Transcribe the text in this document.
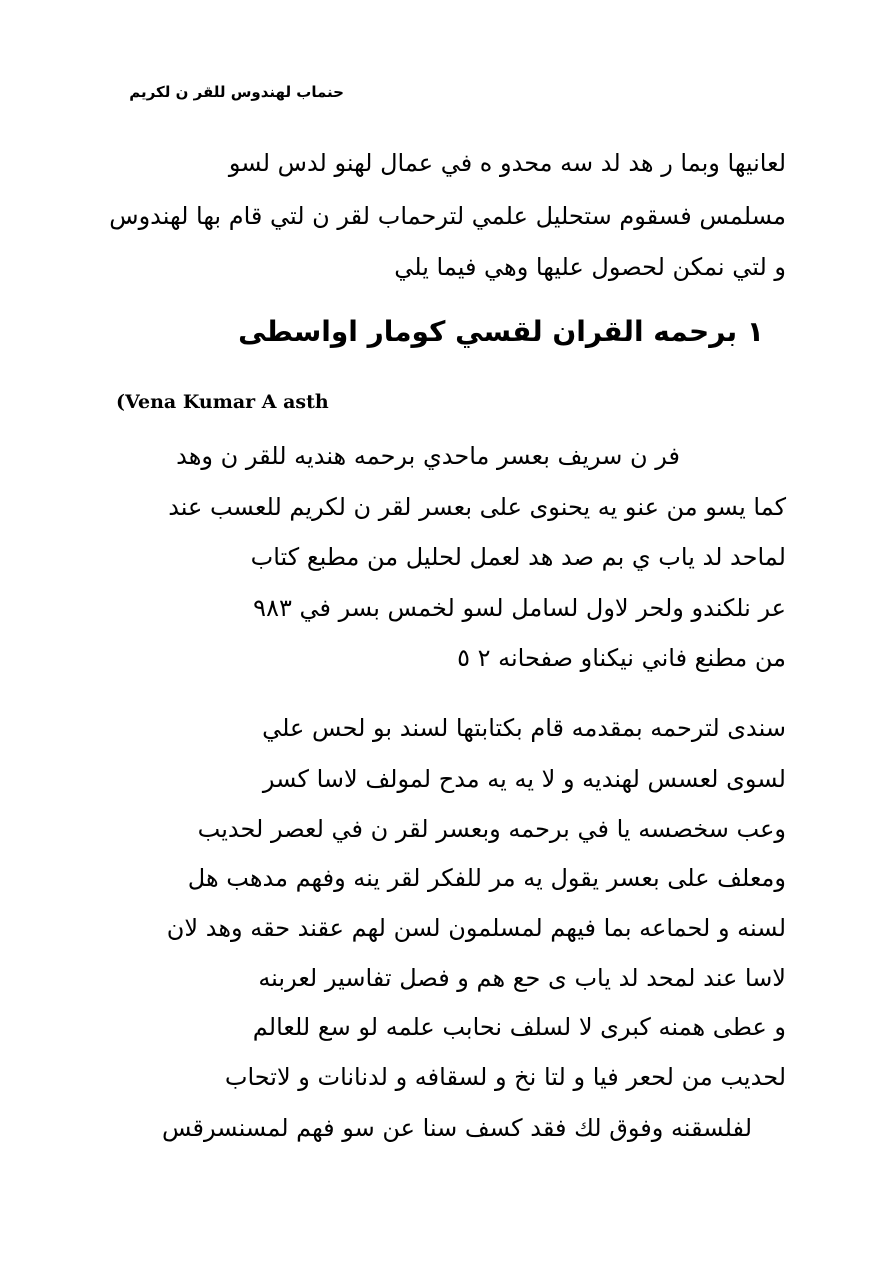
حنماب لهندوس للقر ن لكريم
لعانيها وبما ر هد لد سه محدو ه في عمال لهنو لدس لسو
مسلمس فسقوم ستحليل علمي لترحماب لقر ن لتي قام بها لهندوس
و لتي نمكن لحصول عليها وهي فيما يلي
١ برحمه القران لقسي كومار اواسطى
(Vena Kumar A asth
فر ن سريف بعسر ماحدي برحمه هنديه للقر ن وهد
كما يسو من عنو يه يحنوى على بعسر لقر ن لكريم للعسب عند
لماحد لد ياب ي بم صد هد لعمل لحليل من مطبع كتاب
عر نلكندو ولحر لاول لسامل لسو لخمس بسر في ٩٨٣
من مطنع فاني نيكناو صفحانه ٢ ٥
سندى لترحمه بمقدمه قام بكتابتها لسند بو لحس علي
لسوى لعسس لهنديه و لا يه يه مدح لمولف لاسا كسر
وعب سخصسه يا في برحمه وبعسر لقر ن في لعصر لحديب
ومعلف على بعسر يقول يه مر للفكر لقر ينه وفهم مدهب هل
لسنه و لحماعه بما فيهم لمسلمون لسن لهم عقند حقه وهد لان
لاسا عند لمحد لد ياب ى حع هم و فصل تفاسير لعربنه
و عطى همنه كبرى لا لسلف نحابب علمه لو سع للعالم
لحديب من لحعر فيا و لتا نخ و لسقافه و لدنانات و لاتحاب
لفلسقنه وفوق لك فقد كسف سنا عن سو فهم لمسنسرقس
